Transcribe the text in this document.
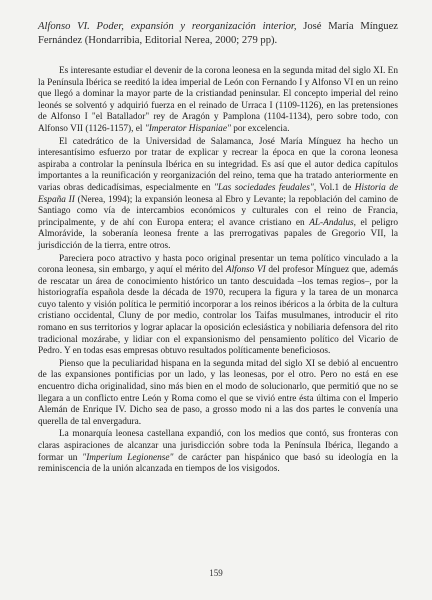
Alfonso VI. Poder, expansión y reorganización interior, José María Mínguez Fernández (Hondarribia, Editorial Nerea, 2000; 279 pp).

Es interesante estudiar el devenir de la corona leonesa en la segunda mitad del siglo XI. En la Península Ibérica se reeditó la idea imperial de León con Fernando I y Alfonso VI en un reino que llegó a dominar la mayor parte de la cristiandad peninsular. El concepto imperial del reino leonés se solventó y adquirió fuerza en el reinado de Urraca I (1109-1126), en las pretensiones de Alfonso I "el Batallador" rey de Aragón y Pamplona (1104-1134), pero sobre todo, con Alfonso VII (1126-1157), el "Imperator Hispaniae" por excelencia.

El catedrático de la Universidad de Salamanca, José María Mínguez ha hecho un interesantísimo esfuerzo por tratar de explicar y recrear la época en que la corona leonesa aspiraba a controlar la península Ibérica en su integridad. Es así que el autor dedica capítulos importantes a la reunificación y reorganización del reino, tema que ha tratado anteriormente en varias obras dedicadísimas, especialmente en "Las sociedades feudales", Vol.1 de Historia de España II (Nerea, 1994); la expansión leonesa al Ebro y Levante; la repoblación del camino de Santiago como vía de intercambios económicos y culturales con el reino de Francia, principalmente, y de ahí con Europa entera; el avance cristiano en AL-Andalus, el peligro Almorávide, la soberanía leonesa frente a las prerrogativas papales de Gregorio VII, la jurisdicción de la tierra, entre otros.

Pareciera poco atractivo y hasta poco original presentar un tema político vinculado a la corona leonesa, sin embargo, y aquí el mérito del Alfonso VI del profesor Mínguez que, además de rescatar un área de conocimiento histórico un tanto descuidada –los temas regios–, por la historiografía española desde la década de 1970, recupera la figura y la tarea de un monarca cuyo talento y visión política le permitió incorporar a los reinos ibéricos a la órbita de la cultura cristiano occidental, Cluny de por medio, controlar los Taifas musulmanes, introducir el rito romano en sus territorios y lograr aplacar la oposición eclesiástica y nobiliaria defensora del rito tradicional mozárabe, y lidiar con el expansionismo del pensamiento político del Vicario de Pedro. Y en todas esas empresas obtuvo resultados políticamente beneficiosos.

Pienso que la peculiaridad hispana en la segunda mitad del siglo XI se debió al encuentro de las expansiones pontificias por un lado, y las leonesas, por el otro. Pero no está en ese encuentro dicha originalidad, sino más bien en el modo de solucionarlo, que permitió que no se llegara a un conflicto entre León y Roma como el que se vivió entre ésta última con el Imperio Alemán de Enrique IV. Dicho sea de paso, a grosso modo ni a las dos partes le convenía una querella de tal envergadura.

La monarquía leonesa castellana expandió, con los medios que contó, sus fronteras con claras aspiraciones de alcanzar una jurisdicción sobre toda la Península Ibérica, llegando a formar un "Imperium Legionense" de carácter pan hispánico que basó su ideología en la reminiscencia de la unión alcanzada en tiempos de los visigodos.

159
